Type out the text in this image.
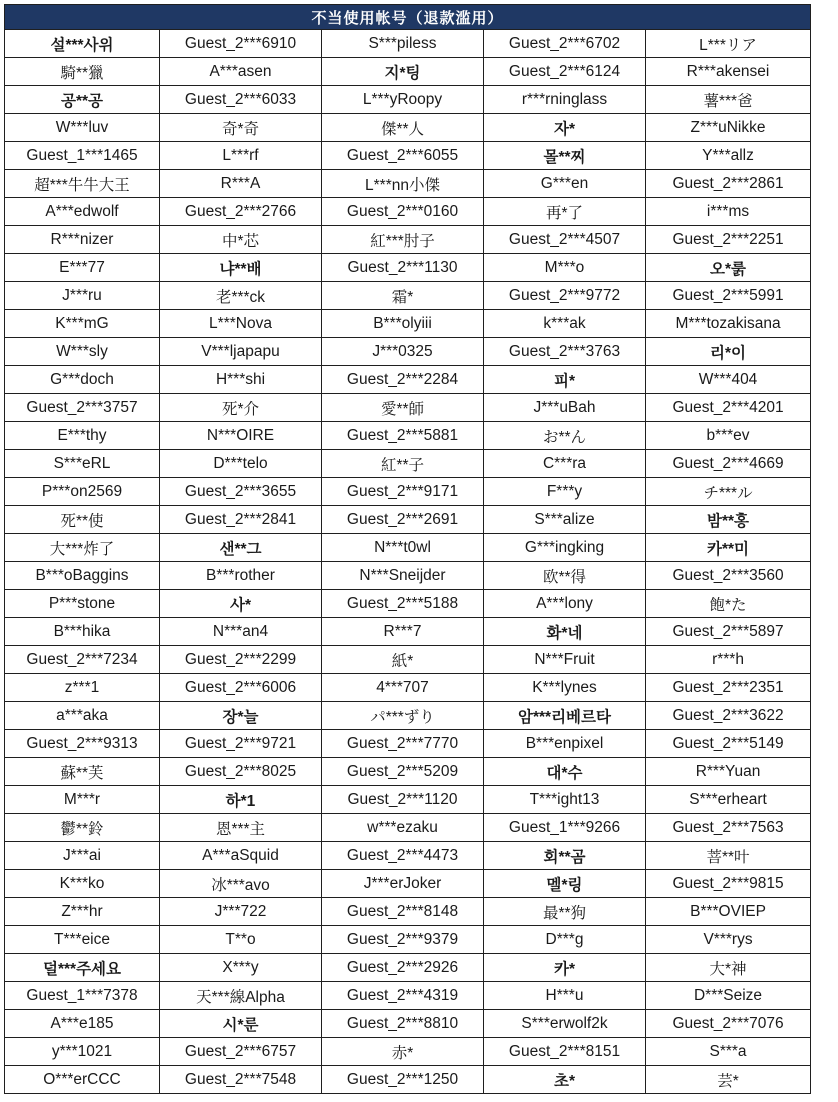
不当使用帐号（退款滥用）				
설***사위	Guest_2***6910	S***piless	Guest_2***6702	L***リア
騎**獵	A***asen	지*팅	Guest_2***6124	R***akensei
공**공	Guest_2***6033	L***yRoopy	r***rninglass	薯***爸
W***luv	奇*奇	傑**人	자*	Z***uNikke
Guest_1***1465	L***rf	Guest_2***6055	몰**찌	Y***allz
超***牛牛大王	R***A	L***nn小傑	G***en	Guest_2***2861
A***edwolf	Guest_2***2766	Guest_2***0160	再*了	i***ms
R***nizer	中*芯	紅***肘子	Guest_2***4507	Guest_2***2251
E***77	냐**배	Guest_2***1130	M***o	오*룱
J***ru	老***ck	霜*	Guest_2***9772	Guest_2***5991
K***mG	L***Nova	B***olyiii	k***ak	M***tozakisana
W***sly	V***ljapapu	J***0325	Guest_2***3763	리*이
G***doch	H***shi	Guest_2***2284	피*	W***404
Guest_2***3757	死*介	愛**師	J***uBah	Guest_2***4201
E***thy	N***OIRE	Guest_2***5881	お**ん	b***ev
S***eRL	D***telo	紅**子	C***ra	Guest_2***4669
P***on2569	Guest_2***3655	Guest_2***9171	F***y	チ***ル
死**使	Guest_2***2841	Guest_2***2691	S***alize	밤**홍
大***炸了	샌**그	N***t0wl	G***ingking	카**미
B***oBaggins	B***rother	N***Sneijder	欧**得	Guest_2***3560
P***stone	사*	Guest_2***5188	A***lony	飽*た
B***hika	N***an4	R***7	화*네	Guest_2***5897
Guest_2***7234	Guest_2***2299	紙*	N***Fruit	r***h
z***1	Guest_2***6006	4***707	K***lynes	Guest_2***2351
a***aka	장*늘	パ***ずり	암***리베르타	Guest_2***3622
Guest_2***9313	Guest_2***9721	Guest_2***7770	B***enpixel	Guest_2***5149
蘇**芙	Guest_2***8025	Guest_2***5209	대*수	R***Yuan
M***r	하*1	Guest_2***1120	T***ight13	S***erheart
鬱**鈴	恩***主	w***ezaku	Guest_1***9266	Guest_2***7563
J***ai	A***aSquid	Guest_2***4473	회**곰	菩**叶
K***ko	冰***avo	J***erJoker	멜*링	Guest_2***9815
Z***hr	J***722	Guest_2***8148	最**狗	B***OVIEP
T***eice	T**o	Guest_2***9379	D***g	V***rys
덜***주세요	X***y	Guest_2***2926	카*	大*神
Guest_1***7378	天***線Alpha	Guest_2***4319	H***u	D***Seize
A***e185	시*룬	Guest_2***8810	S***erwolf2k	Guest_2***7076
y***1021	Guest_2***6757	赤*	Guest_2***8151	S***a
O***erCCC	Guest_2***7548	Guest_2***1250	초*	芸*
